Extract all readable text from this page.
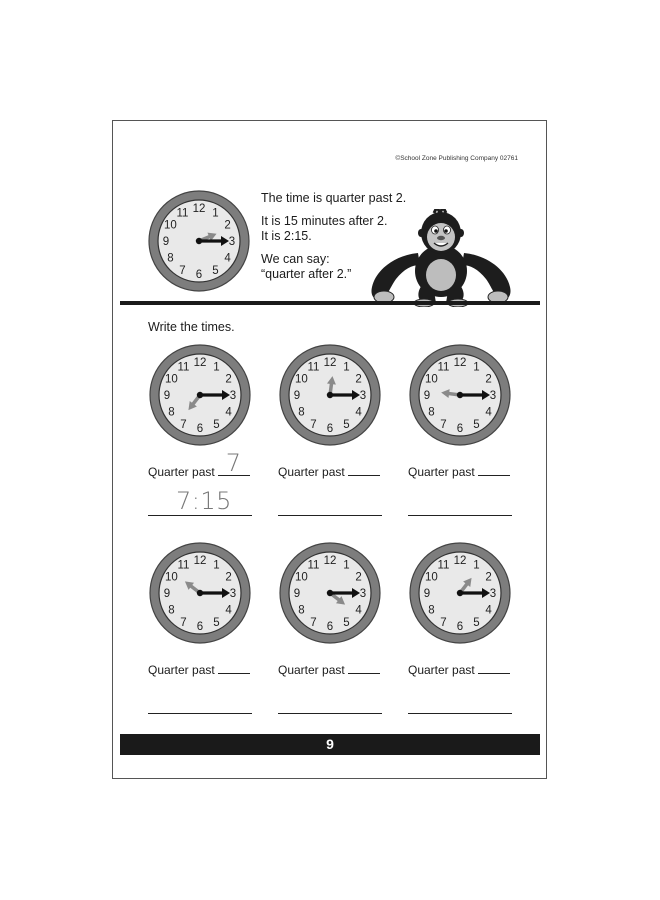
©School Zone Publishing Company 02761
1
2
3
4
5
6
7
8
9
10
11 12

The time is quarter past 2.

It is 15 minutes after 2.
It is 2:15.

We can say:
“quarter after 2.”

Write the times.
1
2
3
4
5
6
7
8
9
10
11 12
Quarter past 7
7:15
1
2
3
4
5
6
7
8
9
10
11 12
Quarter past
1
2
3
4
5
6
7
8
9
10
11 12
Quarter past
1
2
3
4
5
6
7
8
9
10
11 12
Quarter past
1
2
3
4
5
6
7
8
9
10
11 12
Quarter past
1
2
3
4
5
6
7
8
9
10
11 12
Quarter past
9
